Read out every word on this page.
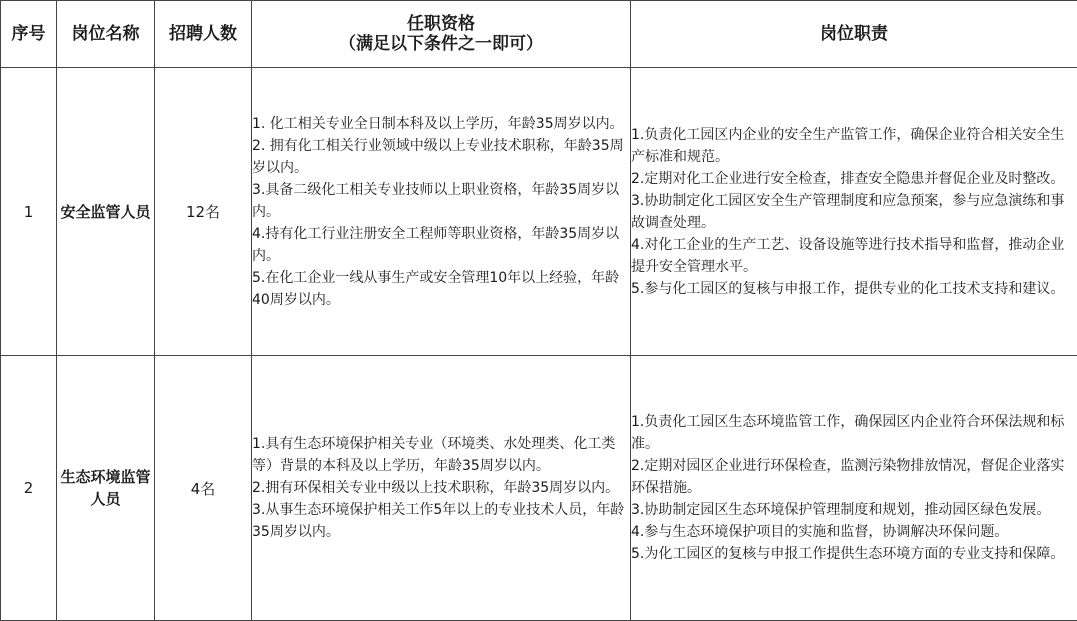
序号	岗位名称	招聘人数	任职资格
（满足以下条件之一即可）	岗位职责
1	安全监管人员	12名	1. 化工相关专业全日制本科及以上学历，年龄35周岁以内。
2. 拥有化工相关行业领域中级以上专业技术职称，年龄35周岁以内。
3.具备二级化工相关专业技师以上职业资格，年龄35周岁以内。
4.持有化工行业注册安全工程师等职业资格，年龄35周岁以内。
5.在化工企业一线从事生产或安全管理10年以上经验，年龄40周岁以内。	1.负责化工园区内企业的安全生产监管工作，确保企业符合相关安全生产标准和规范。
2.定期对化工企业进行安全检查，排查安全隐患并督促企业及时整改。
3.协助制定化工园区安全生产管理制度和应急预案，参与应急演练和事故调查处理。
4.对化工企业的生产工艺、设备设施等进行技术指导和监督，推动企业提升安全管理水平。
5.参与化工园区的复核与申报工作，提供专业的化工技术支持和建议。

2	生态环境监管人员	4名	1.具有生态环境保护相关专业（环境类、水处理类、化工类等）背景的本科及以上学历，年龄35周岁以内。
2.拥有环保相关专业中级以上技术职称，年龄35周岁以内。
3.从事生态环境保护相关工作5年以上的专业技术人员，年龄35周岁以内。	1.负责化工园区生态环境监管工作，确保园区内企业符合环保法规和标准。
2.定期对园区企业进行环保检查，监测污染物排放情况，督促企业落实环保措施。
3.协助制定园区生态环境保护管理制度和规划，推动园区绿色发展。
4.参与生态环境保护项目的实施和监督，协调解决环保问题。
5.为化工园区的复核与申报工作提供生态环境方面的专业支持和保障。
